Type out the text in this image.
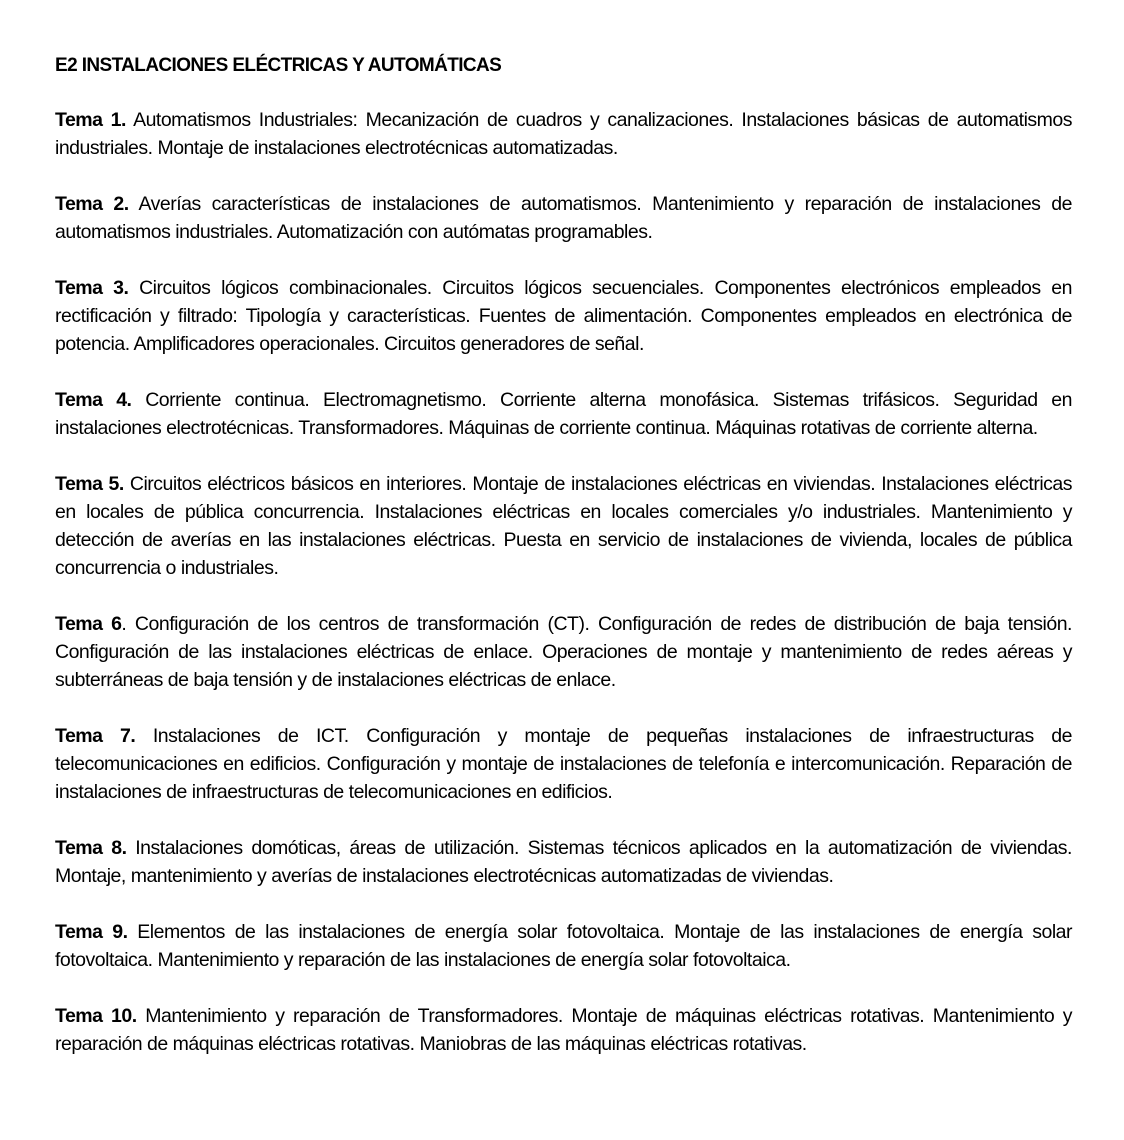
E2 INSTALACIONES ELÉCTRICAS Y AUTOMÁTICAS

Tema 1. Automatismos Industriales: Mecanización de cuadros y canalizaciones. Instalaciones básicas de automatismos industriales. Montaje de instalaciones electrotécnicas automatizadas.

Tema 2. Averías características de instalaciones de automatismos. Mantenimiento y reparación de instalaciones de automatismos industriales. Automatización con autómatas programables.

Tema 3. Circuitos lógicos combinacionales. Circuitos lógicos secuenciales. Componentes electrónicos empleados en rectificación y filtrado: Tipología y características. Fuentes de alimentación. Componentes empleados en electrónica de potencia. Amplificadores operacionales. Circuitos generadores de señal.

Tema 4. Corriente continua. Electromagnetismo. Corriente alterna monofásica. Sistemas trifásicos. Seguridad en instalaciones electrotécnicas. Transformadores. Máquinas de corriente continua. Máquinas rotativas de corriente alterna.

Tema 5. Circuitos eléctricos básicos en interiores. Montaje de instalaciones eléctricas en viviendas. Instalaciones eléctricas en locales de pública concurrencia. Instalaciones eléctricas en locales comerciales y/o industriales. Mantenimiento y detección de averías en las instalaciones eléctricas. Puesta en servicio de instalaciones de vivienda, locales de pública concurrencia o industriales.

Tema 6. Configuración de los centros de transformación (CT). Configuración de redes de distribución de baja tensión. Configuración de las instalaciones eléctricas de enlace. Operaciones de montaje y mantenimiento de redes aéreas y subterráneas de baja tensión y de instalaciones eléctricas de enlace.

Tema 7. Instalaciones de ICT. Configuración y montaje de pequeñas instalaciones de infraestructuras de telecomunicaciones en edificios. Configuración y montaje de instalaciones de telefonía e intercomunicación. Reparación de instalaciones de infraestructuras de telecomunicaciones en edificios.

Tema 8. Instalaciones domóticas, áreas de utilización. Sistemas técnicos aplicados en la automatización de viviendas. Montaje, mantenimiento y averías de instalaciones electrotécnicas automatizadas de viviendas.

Tema 9. Elementos de las instalaciones de energía solar fotovoltaica. Montaje de las instalaciones de energía solar fotovoltaica. Mantenimiento y reparación de las instalaciones de energía solar fotovoltaica.

Tema 10. Mantenimiento y reparación de Transformadores. Montaje de máquinas eléctricas rotativas. Mantenimiento y reparación de máquinas eléctricas rotativas. Maniobras de las máquinas eléctricas rotativas.
